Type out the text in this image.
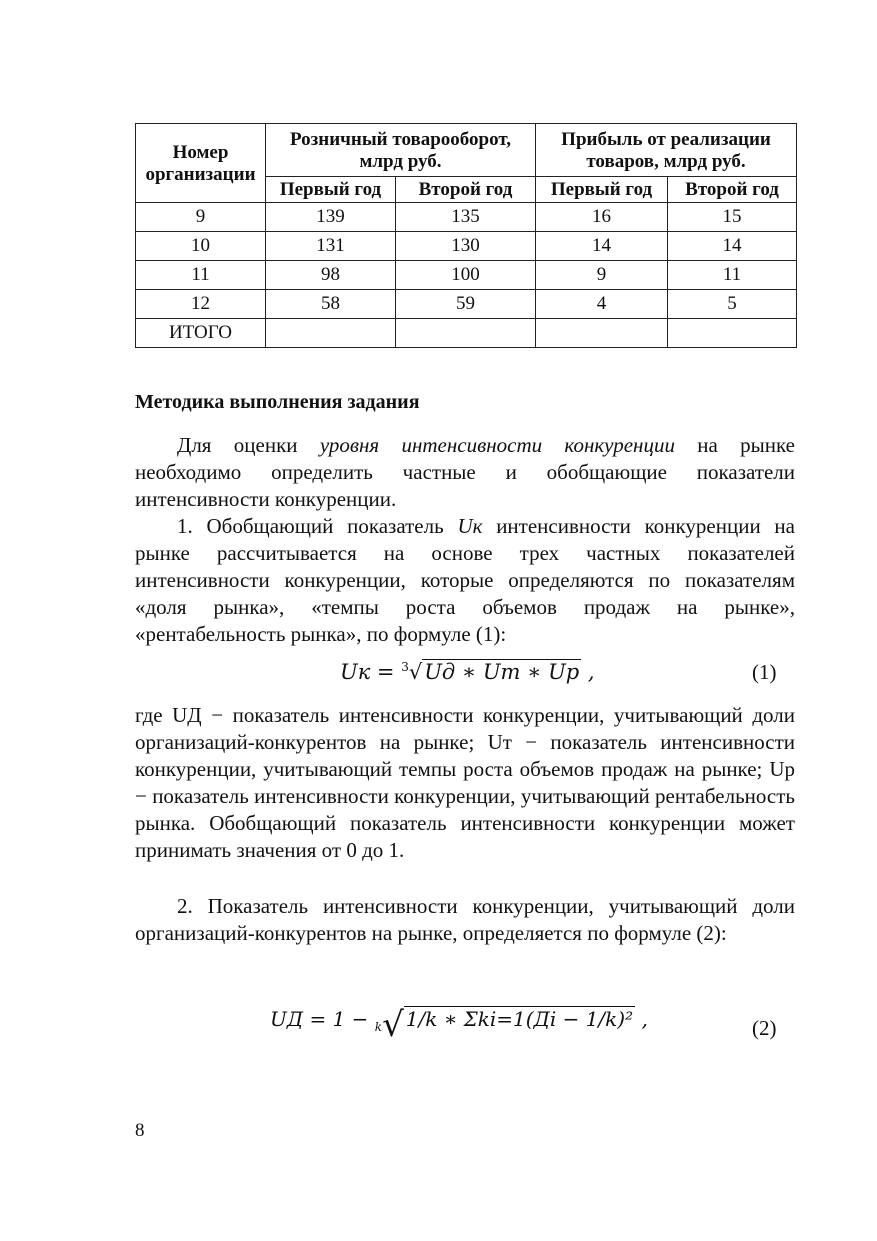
Номер организации	Розничный товарооборот, млрд руб.		Прибыль от реализации товаров, млрд руб.	
	Первый год	Второй год	Первый год	Второй год
9	139	135	16	15
10	131	130	14	14
11	98	100	9	11
12	58	59	4	5
ИТОГО				
Методика выполнения задания

Для оценки уровня интенсивности конкуренции на рынке необходимо определить частные и обобщающие показатели интенсивности конкуренции.

1. Обобщающий показатель Uк интенсивности конкуренции на рынке рассчитывается на основе трех частных показателей интенсивности конкуренции, которые определяются по показателям «доля рынка», «темпы роста объемов продаж на рынке», «рентабельность рынка», по формуле (1):

Uк = $^3$√Uд ∗ Uт ∗ Uр ,	(1)

где UД − показатель интенсивности конкуренции, учитывающий доли организаций-конкурентов на рынке; Uт − показатель интенсивности конкуренции, учитывающий темпы роста объемов продаж на рынке; Uр − показатель интенсивности конкуренции, учитывающий рентабельность рынка. Обобщающий показатель интенсивности конкуренции может принимать значения от 0 до 1.

2. Показатель интенсивности конкуренции, учитывающий доли организаций-конкурентов на рынке, определяется по формуле (2):

UД = 1 − $_k$√ 1/k ∗ Σki=1(Дi − 1/k)² ,	(2)
8
